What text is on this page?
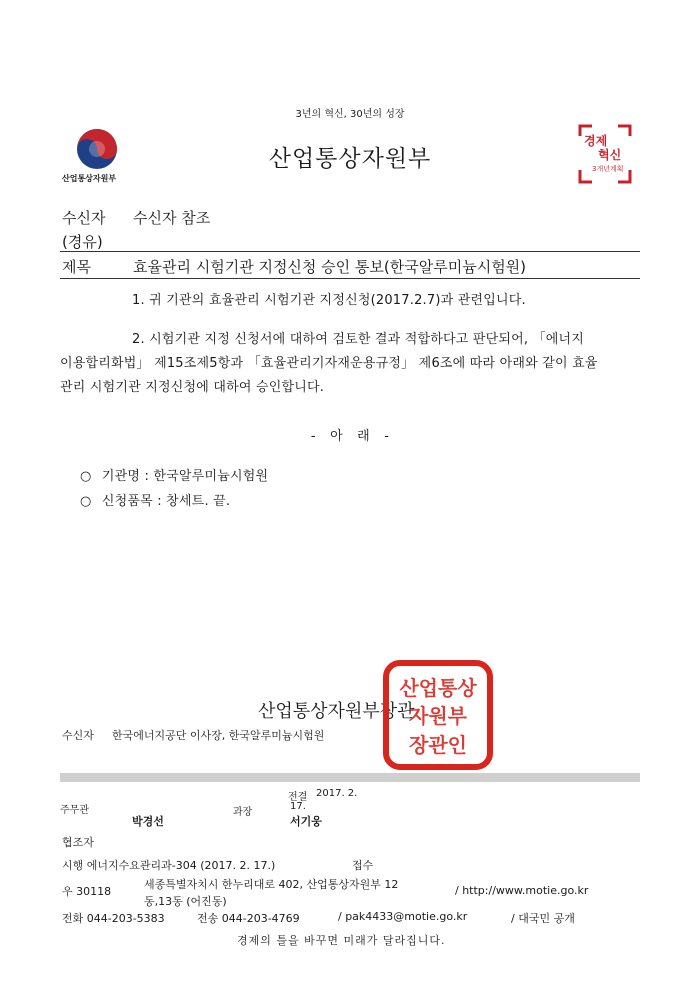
3년의 혁신, 30년의 성장
산업통상자원부
산업통상자원부
경제
혁신
3개년계획
수신자 수신자 참조
(경유)
제목	효율관리 시험기관 지정신청 승인 통보(한국알루미늄시험원)
1. 귀 기관의 효율관리 시험기관 지정신청(2017.2.7)과 관련입니다.
2. 시험기관 지정 신청서에 대하여 검토한 결과 적합하다고 판단되어, 「에너지
이용합리화법」 제15조제5항과 「효율관리기자재운용규정」 제6조에 따라 아래와 같이 효율
관리 시험기관 지정신청에 대하여 승인합니다.
- 아 래 -
○ 기관명 : 한국알루미늄시험원
○ 신청품목 : 창세트. 끝.
산업통상자원부장관
산업통상
자원부
장관인
수신자 한국에너지공단 이사장, 한국알루미늄시험원
전결 2017. 2.
17.
주무관	과장
박경선	서기웅
협조자
시행 에너지수요관리과-304 (2017. 2. 17.)	접수
우 30118
세종특별자치시 한누리대로 402, 산업통상자원부 12
동,13동 (어진동)
/ http://www.motie.go.kr
전화 044-203-5383	전송 044-203-4769	/ pak4433@motie.go.kr	/ 대국민 공개
경제의 틀을 바꾸면 미래가 달라집니다.
